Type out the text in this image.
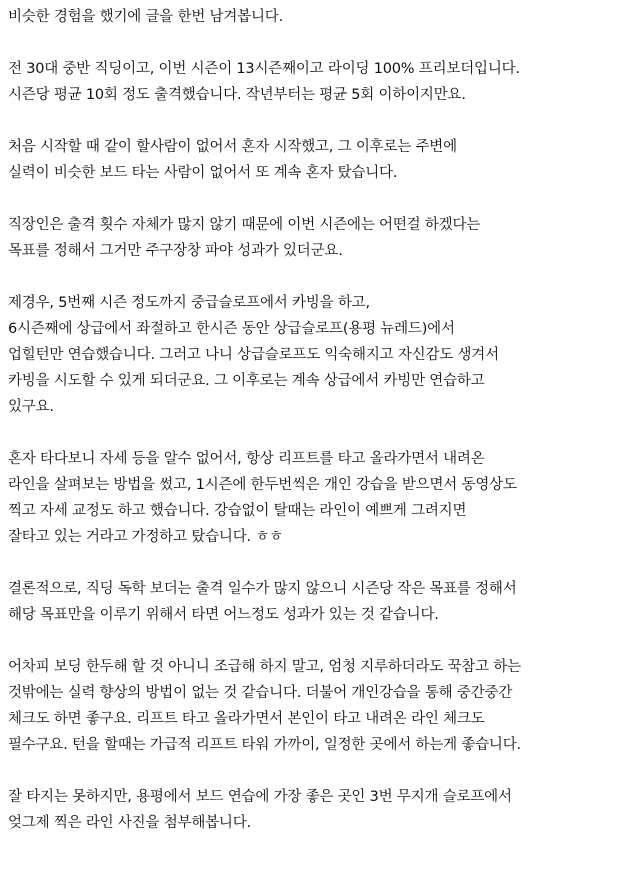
비슷한 경험을 했기에 글을 한번 남겨봅니다.

전 30대 중반 직딩이고, 이번 시즌이 13시즌째이고 라이딩 100% 프리보더입니다.
시즌당 평균 10회 정도 출격했습니다. 작년부터는 평균 5회 이하이지만요.

처음 시작할 때 같이 할사람이 없어서 혼자 시작했고, 그 이후로는 주변에
실력이 비슷한 보드 타는 사람이 없어서 또 계속 혼자 탔습니다.

직장인은 출격 횟수 자체가 많지 않기 때문에 이번 시즌에는 어떤걸 하겠다는
목표를 정해서 그거만 주구장창 파야 성과가 있더군요.

제경우, 5번째 시즌 정도까지 중급슬로프에서 카빙을 하고,
6시즌째에 상급에서 좌절하고 한시즌 동안 상급슬로프(용평 뉴레드)에서
업힐턴만 연습했습니다. 그러고 나니 상급슬로프도 익숙해지고 자신감도 생겨서
카빙을 시도할 수 있게 되더군요. 그 이후로는 계속 상급에서 카빙만 연습하고
있구요.

혼자 타다보니 자세 등을 알수 없어서, 항상 리프트를 타고 올라가면서 내려온
라인을 살펴보는 방법을 썼고, 1시즌에 한두번씩은 개인 강습을 받으면서 동영상도
찍고 자세 교정도 하고 했습니다. 강습없이 탈때는 라인이 예쁘게 그려지면
잘타고 있는 거라고 가정하고 탔습니다. ㅎㅎ

결론적으로, 직딩 독학 보더는 출격 일수가 많지 않으니 시즌당 작은 목표를 정해서
해당 목표만을 이루기 위해서 타면 어느정도 성과가 있는 것 같습니다.

어차피 보딩 한두해 할 것 아니니 조급해 하지 말고, 엄청 지루하더라도 꾹참고 하는
것밖에는 실력 향상의 방법이 없는 것 같습니다. 더불어 개인강습을 통해 중간중간
체크도 하면 좋구요. 리프트 타고 올라가면서 본인이 타고 내려온 라인 체크도
필수구요. 턴을 할때는 가급적 리프트 타워 가까이, 일정한 곳에서 하는게 좋습니다.

잘 타지는 못하지만, 용평에서 보드 연습에 가장 좋은 곳인 3번 무지개 슬로프에서
엊그제 찍은 라인 사진을 첨부해봅니다.
